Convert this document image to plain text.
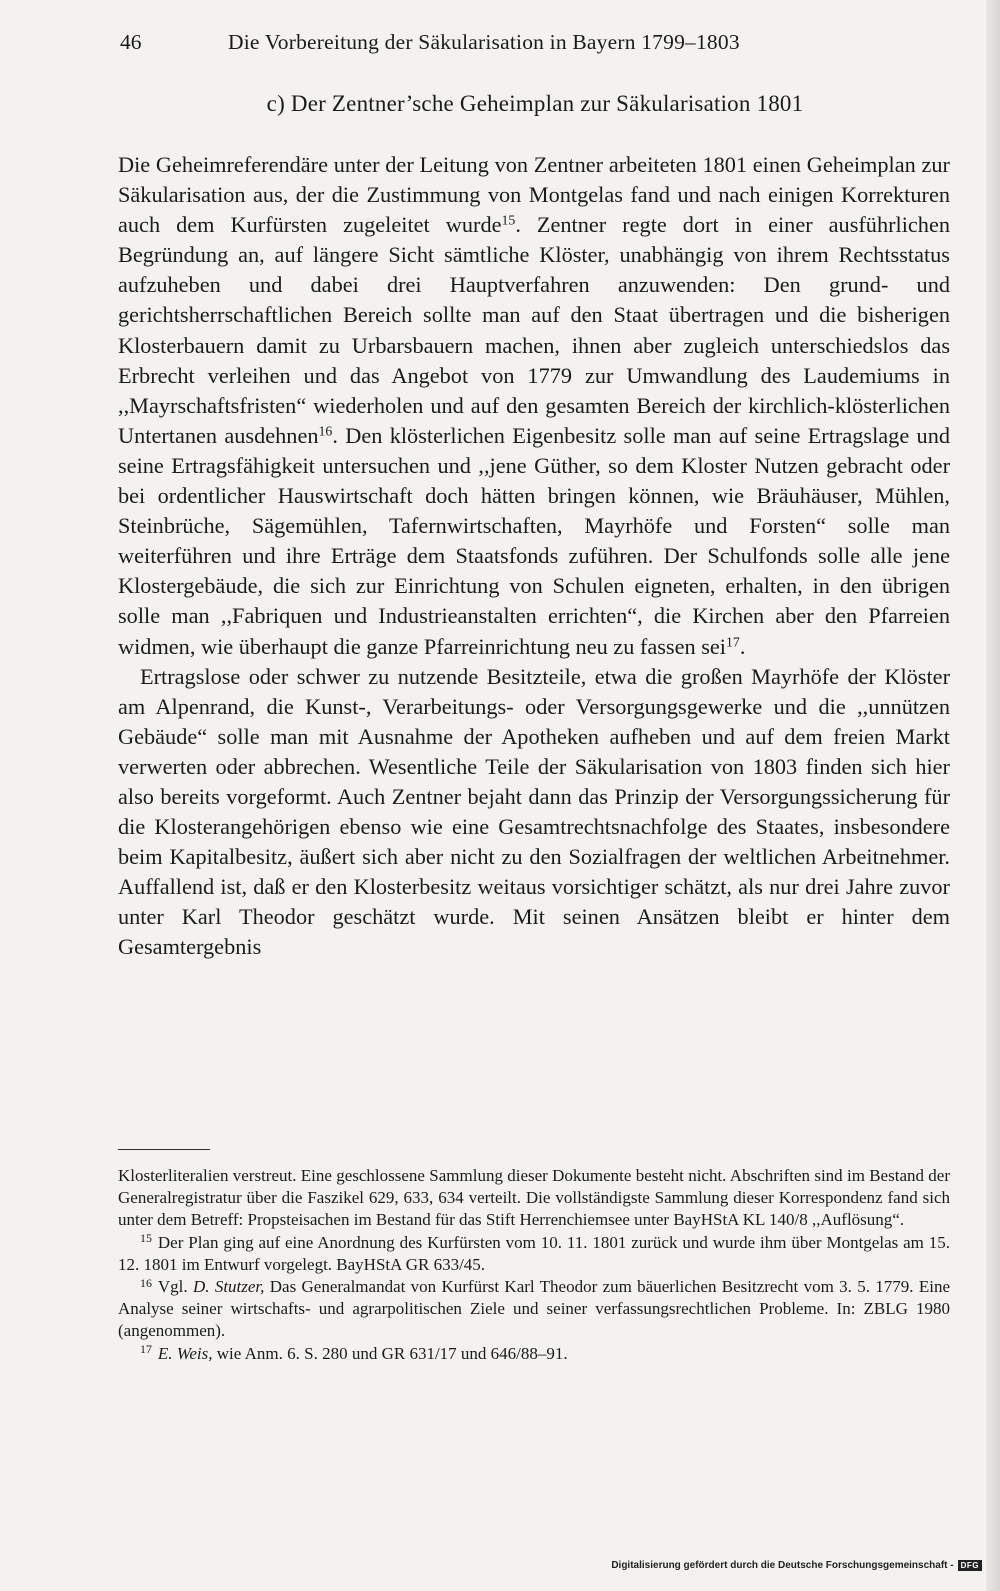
46	Die Vorbereitung der Säkularisation in Bayern 1799–1803
c) Der Zentner’sche Geheimplan zur Säkularisation 1801

Die Geheimreferendäre unter der Leitung von Zentner arbeiteten 1801 einen Geheimplan zur Säkularisation aus, der die Zustimmung von Montgelas fand und nach einigen Korrekturen auch dem Kurfürsten zugeleitet wurde$^{15}$. Zentner regte dort in einer ausführlichen Begründung an, auf längere Sicht sämtliche Klöster, unabhängig von ihrem Rechtsstatus aufzuheben und dabei drei Hauptverfahren anzuwenden: Den grund- und gerichtsherrschaftlichen Bereich sollte man auf den Staat übertragen und die bisherigen Klosterbauern damit zu Urbarsbauern machen, ihnen aber zugleich unterschiedslos das Erbrecht verleihen und das Angebot von 1779 zur Umwandlung des Laudemiums in ,,Mayrschaftsfristen“ wiederholen und auf den gesamten Bereich der kirchlich-klösterlichen Untertanen ausdehnen$^{16}$. Den klösterlichen Eigenbesitz solle man auf seine Ertragslage und seine Ertragsfähigkeit untersuchen und ,,jene Güther, so dem Kloster Nutzen gebracht oder bei ordentlicher Hauswirtschaft doch hätten bringen können, wie Bräuhäuser, Mühlen, Steinbrüche, Sägemühlen, Tafernwirtschaften, Mayrhöfe und Forsten“ solle man weiterführen und ihre Erträge dem Staatsfonds zuführen. Der Schulfonds solle alle jene Klostergebäude, die sich zur Einrichtung von Schulen eigneten, erhalten, in den übrigen solle man ,,Fabriquen und Industrieanstalten errichten“, die Kirchen aber den Pfarreien widmen, wie überhaupt die ganze Pfarreinrichtung neu zu fassen sei$^{17}$.

Ertragslose oder schwer zu nutzende Besitzteile, etwa die großen Mayrhöfe der Klöster am Alpenrand, die Kunst-, Verarbeitungs- oder Versorgungsgewerke und die ,,unnützen Gebäude“ solle man mit Ausnahme der Apotheken aufheben und auf dem freien Markt verwerten oder abbrechen. Wesentliche Teile der Säkularisation von 1803 finden sich hier also bereits vorgeformt. Auch Zentner bejaht dann das Prinzip der Versorgungssicherung für die Klosterangehörigen ebenso wie eine Gesamtrechtsnachfolge des Staates, insbesondere beim Kapitalbesitz, äußert sich aber nicht zu den Sozialfragen der weltlichen Arbeitnehmer. Auffallend ist, daß er den Klosterbesitz weitaus vorsichtiger schätzt, als nur drei Jahre zuvor unter Karl Theodor geschätzt wurde. Mit seinen Ansätzen bleibt er hinter dem Gesamtergebnis

Klosterliteralien verstreut. Eine geschlossene Sammlung dieser Dokumente besteht nicht. Abschriften sind im Bestand der Generalregistratur über die Faszikel 629, 633, 634 verteilt. Die vollständigste Sammlung dieser Korrespondenz fand sich unter dem Betreff: Propsteisachen im Bestand für das Stift Herrenchiemsee unter BayHStA KL 140/8 ,,Auflösung“.

$^{15}$ Der Plan ging auf eine Anordnung des Kurfürsten vom 10. 11. 1801 zurück und wurde ihm über Montgelas am 15. 12. 1801 im Entwurf vorgelegt. BayHStA GR 633/45.

$^{16}$ Vgl. D. Stutzer, Das Generalmandat von Kurfürst Karl Theodor zum bäuerlichen Besitzrecht vom 3. 5. 1779. Eine Analyse seiner wirtschafts- und agrarpolitischen Ziele und seiner verfassungsrechtlichen Probleme. In: ZBLG 1980 (angenommen).

$^{17}$ E. Weis, wie Anm. 6. S. 280 und GR 631/17 und 646/88–91.

Digitalisierung gefördert durch die Deutsche Forschungsgemeinschaft - DFG
